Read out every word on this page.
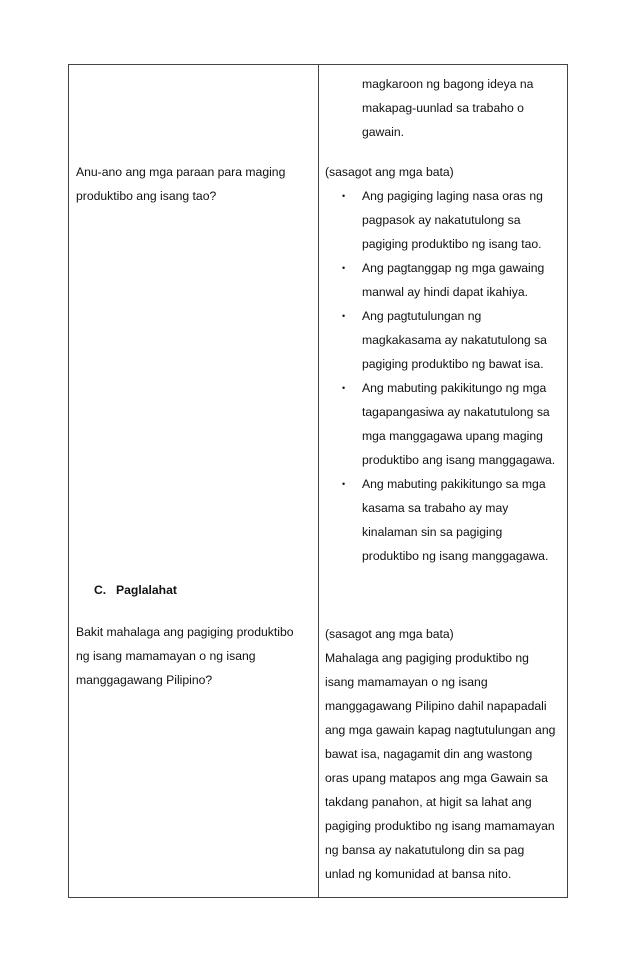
magkaroon ng bagong ideya na

makapag-uunlad sa trabaho o

gawain.

Anu-ano ang mga paraan para maging

produktibo ang isang tao?

(sasagot ang mga bata)

• Ang pagiging laging nasa oras ng

pagpasok ay nakatutulong sa

pagiging produktibo ng isang tao.

• Ang pagtanggap ng mga gawaing

manwal ay hindi dapat ikahiya.

• Ang pagtutulungan ng

magkakasama ay nakatutulong sa

pagiging produktibo ng bawat isa.

• Ang mabuting pakikitungo ng mga

tagapangasiwa ay nakatutulong sa

mga manggagawa upang maging

produktibo ang isang manggagawa.

• Ang mabuting pakikitungo sa mga

kasama sa trabaho ay may

kinalaman sin sa pagiging

produktibo ng isang manggagawa.

C. Paglalahat

Bakit mahalaga ang pagiging produktibo

ng isang mamamayan o ng isang

manggagawang Pilipino?

(sasagot ang mga bata)

Mahalaga ang pagiging produktibo ng

isang mamamayan o ng isang

manggagawang Pilipino dahil napapadali

ang mga gawain kapag nagtutulungan ang

bawat isa, nagagamit din ang wastong

oras upang matapos ang mga Gawain sa

takdang panahon, at higit sa lahat ang

pagiging produktibo ng isang mamamayan

ng bansa ay nakatutulong din sa pag

unlad ng komunidad at bansa nito.
